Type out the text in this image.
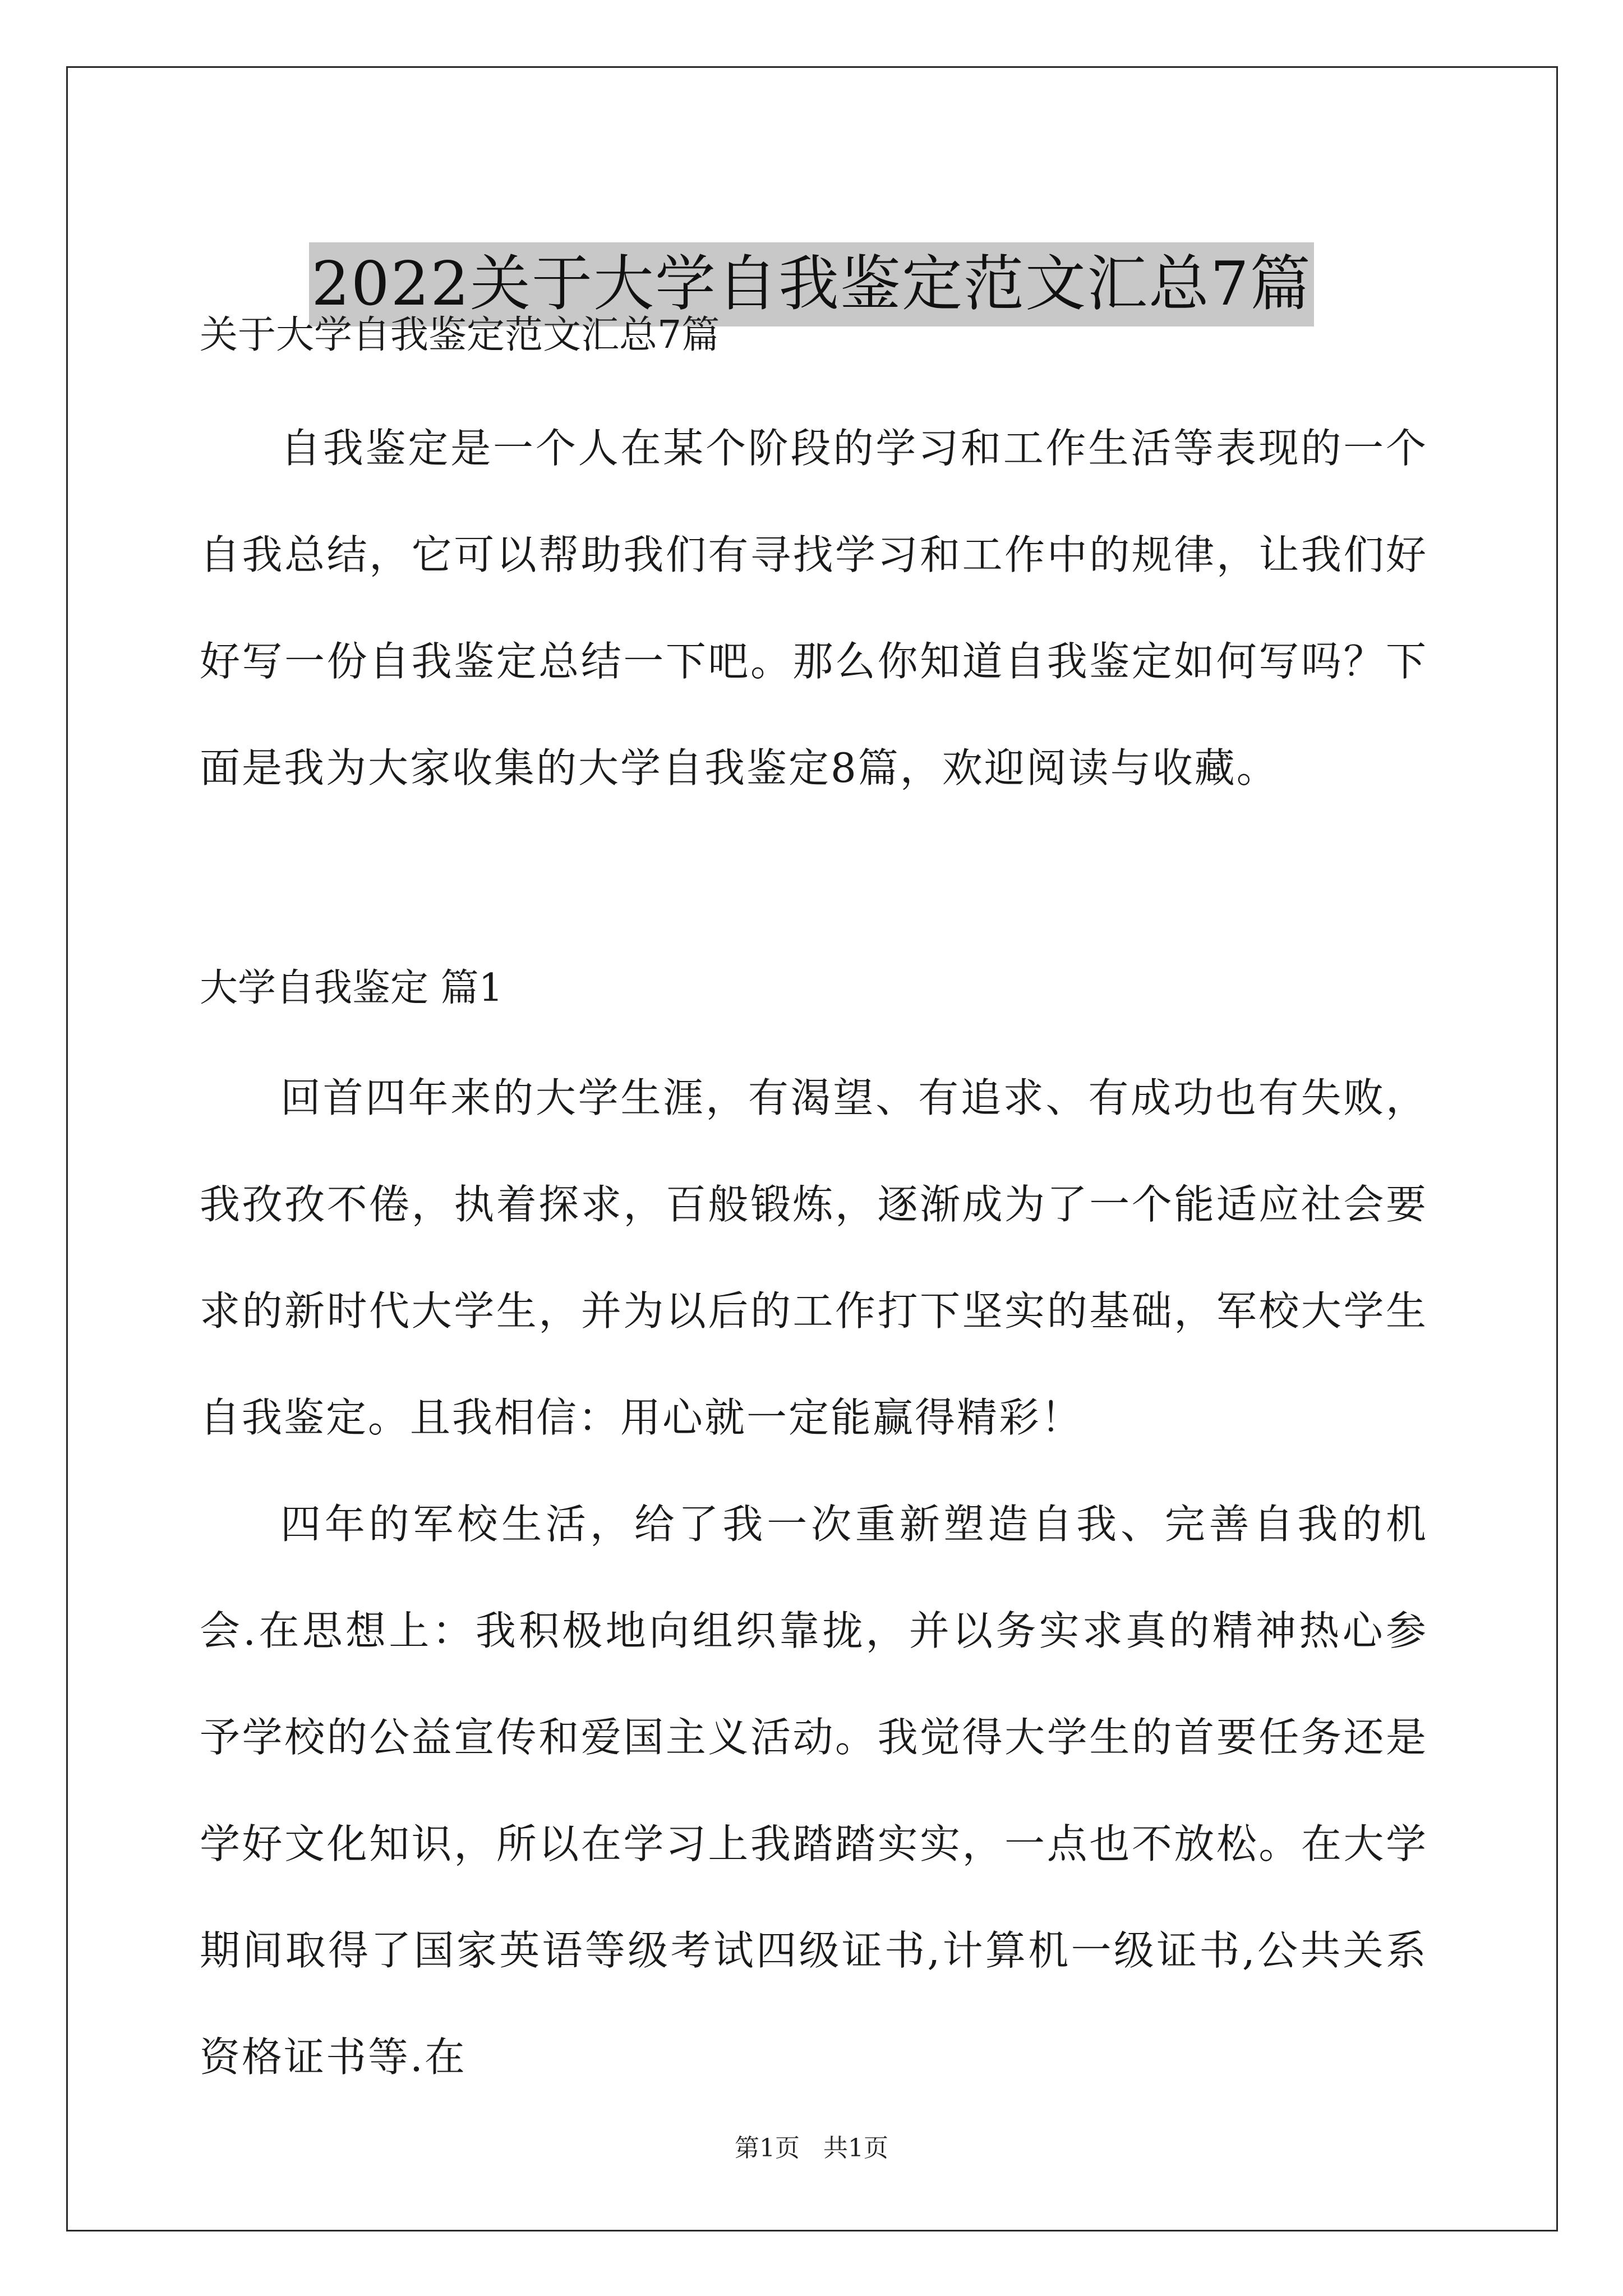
2022关于大学自我鉴定范文汇总7篇

关于大学自我鉴定范文汇总7篇

自我鉴定是一个人在某个阶段的学习和工作生活等表现的一个自我总结，它可以帮助我们有寻找学习和工作中的规律，让我们好好写一份自我鉴定总结一下吧。那么你知道自我鉴定如何写吗？下面是我为大家收集的大学自我鉴定8篇，欢迎阅读与收藏。

大学自我鉴定 篇1

回首四年来的大学生涯，有渴望、有追求、有成功也有失败，我孜孜不倦，执着探求，百般锻炼，逐渐成为了一个能适应社会要求的新时代大学生，并为以后的工作打下坚实的基础，军校大学生自我鉴定。且我相信：用心就一定能赢得精彩！

四年的军校生活，给了我一次重新塑造自我、完善自我的机会.在思想上：我积极地向组织靠拢，并以务实求真的精神热心参予学校的公益宣传和爱国主义活动。我觉得大学生的首要任务还是学好文化知识，所以在学习上我踏踏实实，一点也不放松。在大学期间取得了国家英语等级考试四级证书,计算机一级证书,公共关系资格证书等.在

第1页   共1页
